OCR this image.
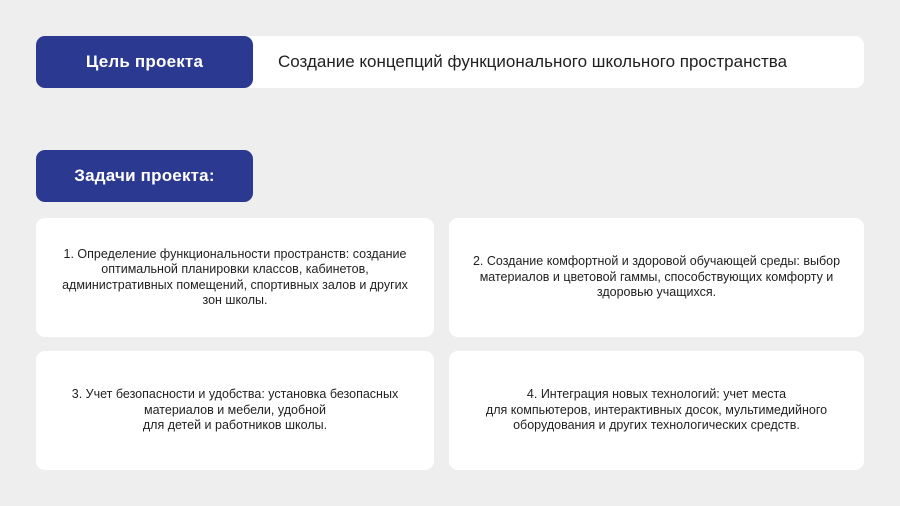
Цель проекта	Создание концепций функционального школьного пространства
Задачи проекта:
1. Определение функциональности пространств: создание
оптимальной планировки классов, кабинетов,
административных помещений, спортивных залов и других
зон школы.
2. Создание комфортной и здоровой обучающей среды: выбор
материалов и цветовой гаммы, способствующих комфорту и
здоровью учащихся.
3. Учет безопасности и удобства: установка безопасных
материалов и мебели, удобной
для детей и работников школы.
4. Интеграция новых технологий: учет места
для компьютеров, интерактивных досок, мультимедийного
оборудования и других технологических средств.
